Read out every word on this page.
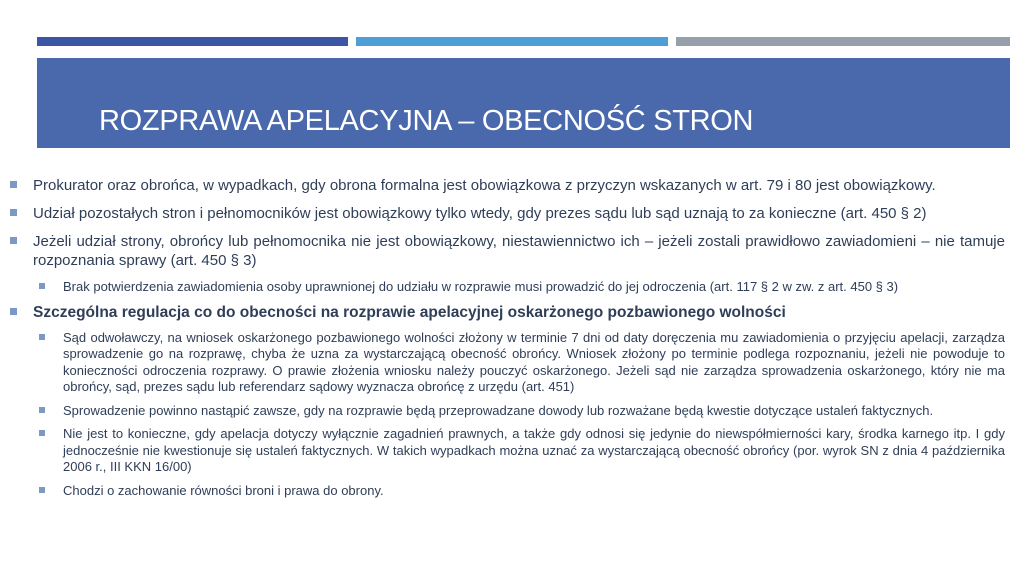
ROZPRAWA APELACYJNA – OBECNOŚĆ STRON
Prokurator oraz obrońca, w wypadkach, gdy obrona formalna jest obowiązkowa z przyczyn wskazanych w art. 79 i 80 jest obowiązkowy.
Udział pozostałych stron i pełnomocników jest obowiązkowy tylko wtedy, gdy prezes sądu lub sąd uznają to za konieczne (art. 450 § 2)
Jeżeli udział strony, obrońcy lub pełnomocnika nie jest obowiązkowy, niestawiennictwo ich – jeżeli zostali prawidłowo zawiadomieni – nie tamuje rozpoznania sprawy (art. 450 § 3)
Brak potwierdzenia zawiadomienia osoby uprawnionej do udziału w rozprawie musi prowadzić do jej odroczenia (art. 117 § 2 w zw. z art. 450 § 3)
Szczególna regulacja co do obecności na rozprawie apelacyjnej oskarżonego pozbawionego wolności
Sąd odwoławczy, na wniosek oskarżonego pozbawionego wolności złożony w terminie 7 dni od daty doręczenia mu zawiadomienia o przyjęciu apelacji, zarządza sprowadzenie go na rozprawę, chyba że uzna za wystarczającą obecność obrońcy. Wniosek złożony po terminie podlega rozpoznaniu, jeżeli nie powoduje to konieczności odroczenia rozprawy. O prawie złożenia wniosku należy pouczyć oskarżonego. Jeżeli sąd nie zarządza sprowadzenia oskarżonego, który nie ma obrońcy, sąd, prezes sądu lub referendarz sądowy wyznacza obrońcę z urzędu (art. 451)
Sprowadzenie powinno nastąpić zawsze, gdy na rozprawie będą przeprowadzane dowody lub rozważane będą kwestie dotyczące ustaleń faktycznych.
Nie jest to konieczne, gdy apelacja dotyczy wyłącznie zagadnień prawnych, a także gdy odnosi się jedynie do niewspółmierności kary, środka karnego itp. I gdy jednocześnie nie kwestionuje się ustaleń faktycznych. W takich wypadkach można uznać za wystarczającą obecność obrońcy (por. wyrok SN z dnia 4 października 2006 r., III KKN 16/00)
Chodzi o zachowanie równości broni i prawa do obrony.
